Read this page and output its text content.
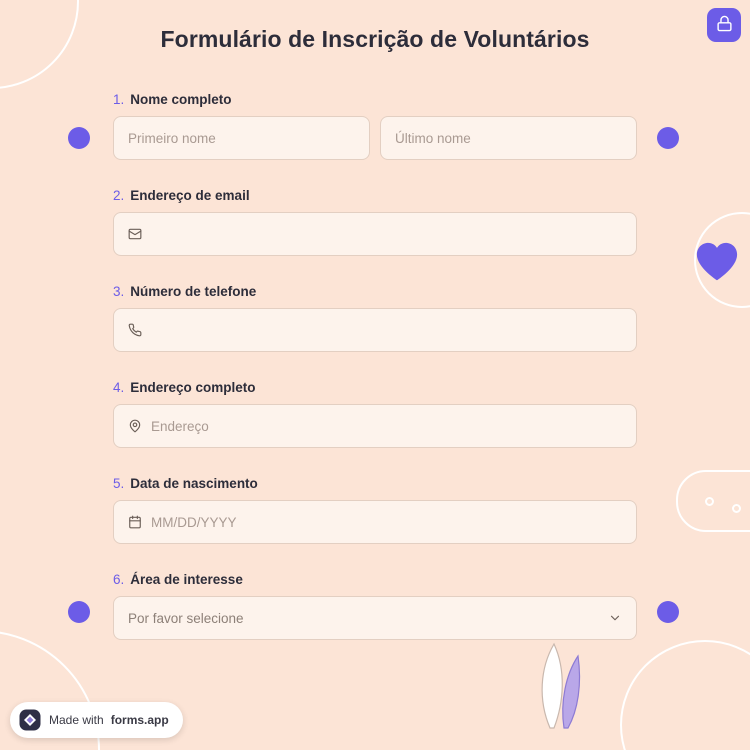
Formulário de Inscrição de Voluntários
1. Nome completo
Primeiro nome	Último nome
2. Endereço de email
3. Número de telefone
4. Endereço completo
Endereço
5. Data de nascimento
MM/DD/YYYY
6. Área de interesse
Por favor selecione
Made with forms.app
